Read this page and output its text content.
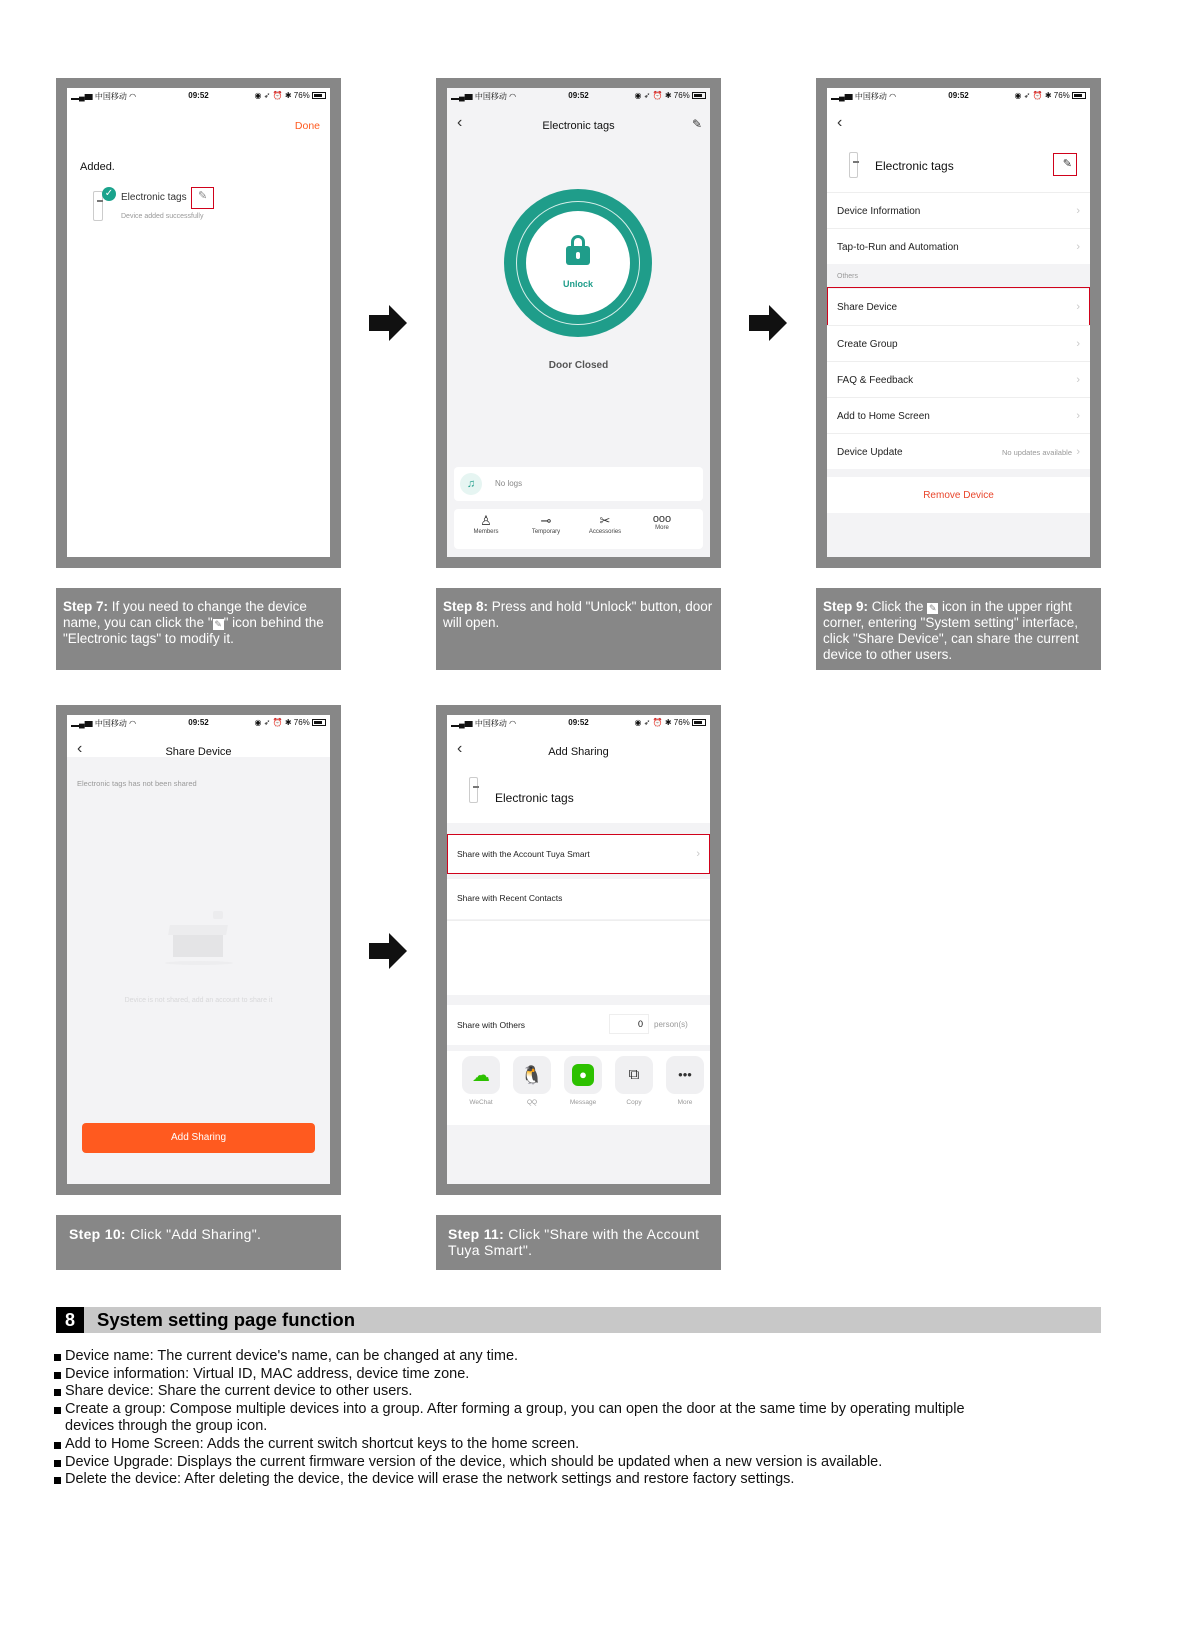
▂▄▆ 中国移动 ◠	09:52	◉ ➶ ⏰ ✱ 76%
Done
Added.
✓ Electronic tags ✎
Device added successfully
▂▄▆ 中国移动 ◠	09:52	◉ ➶ ⏰ ✱ 76%
‹	Electronic tags	✎
Unlock
Door Closed
♫	No logs
♙
Members
⊸
Temporary
✂
Accessories
ooo
More
▂▄▆ 中国移动 ◠	09:52	◉ ➶ ⏰ ✱ 76%
‹
Electronic tags	✎
Device Information	›
Tap-to-Run and Automation	›
Others
Share Device	›
Create Group	›
FAQ & Feedback	›
Add to Home Screen	›
Device Update	No updates available ›
Remove Device
Step 7: If you need to change the device name, you can click the " ✎ " icon behind the "Electronic tags" to modify it.
Step 8: Press and hold "Unlock" button, door will open.
Step 9: Click the ✎ icon in the upper right corner, entering "System setting" interface, click "Share Device", can share the current device to other users.
▂▄▆ 中国移动 ◠	09:52	◉ ➶ ⏰ ✱ 76%
‹	Share Device
Electronic tags has not been shared
Device is not shared, add an account to share it
Add Sharing
▂▄▆ 中国移动 ◠	09:52	◉ ➶ ⏰ ✱ 76%
‹	Add Sharing
Electronic tags
Share with the Account Tuya Smart	›
Share with Recent Contacts
Share with Others	0	person(s)
☁
WeChat
🐧
QQ
●
Message
⧉
Copy
•••
More
Step 10: Click "Add Sharing".	Step 11: Click "Share with the Account Tuya Smart".
8	System setting page function
Device name: The current device's name, can be changed at any time.
Device information: Virtual ID, MAC address, device time zone.
Share device: Share the current device to other users.
Create a group: Compose multiple devices into a group. After forming a group, you can open the door at the same time by operating multiple
devices through the group icon.
Add to Home Screen: Adds the current switch shortcut keys to the home screen.
Device Upgrade: Displays the current firmware version of the device, which should be updated when a new version is available.
Delete the device: After deleting the device, the device will erase the network settings and restore factory settings.
